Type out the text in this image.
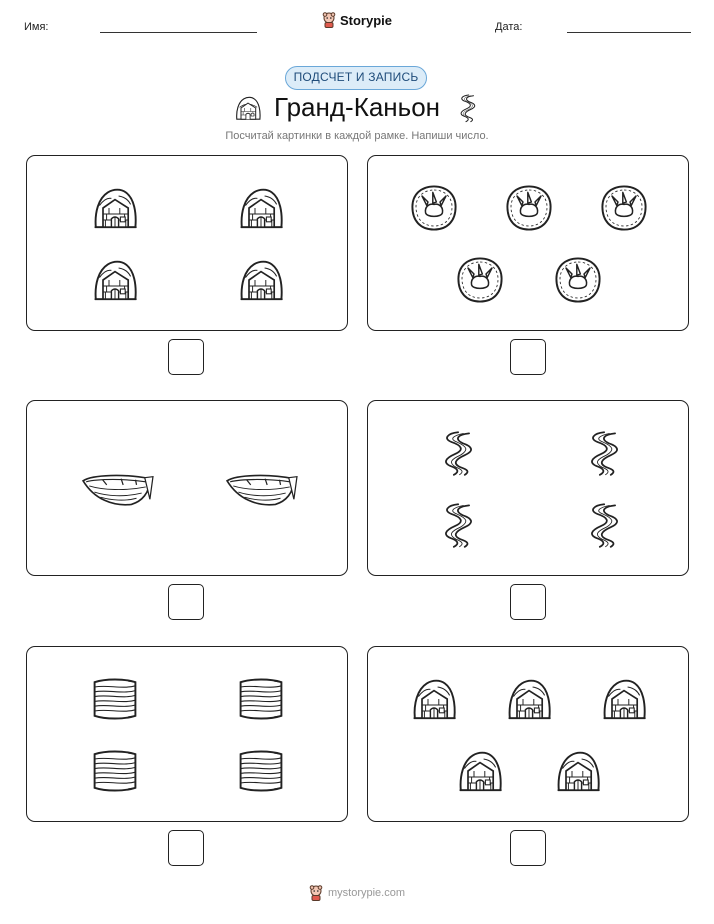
Имя:	Storypie	Дата:
ПОДСЧЕТ И ЗАПИСЬ
Гранд-Каньон
Посчитай картинки в каждой рамке. Напиши число.
mystorypie.com
